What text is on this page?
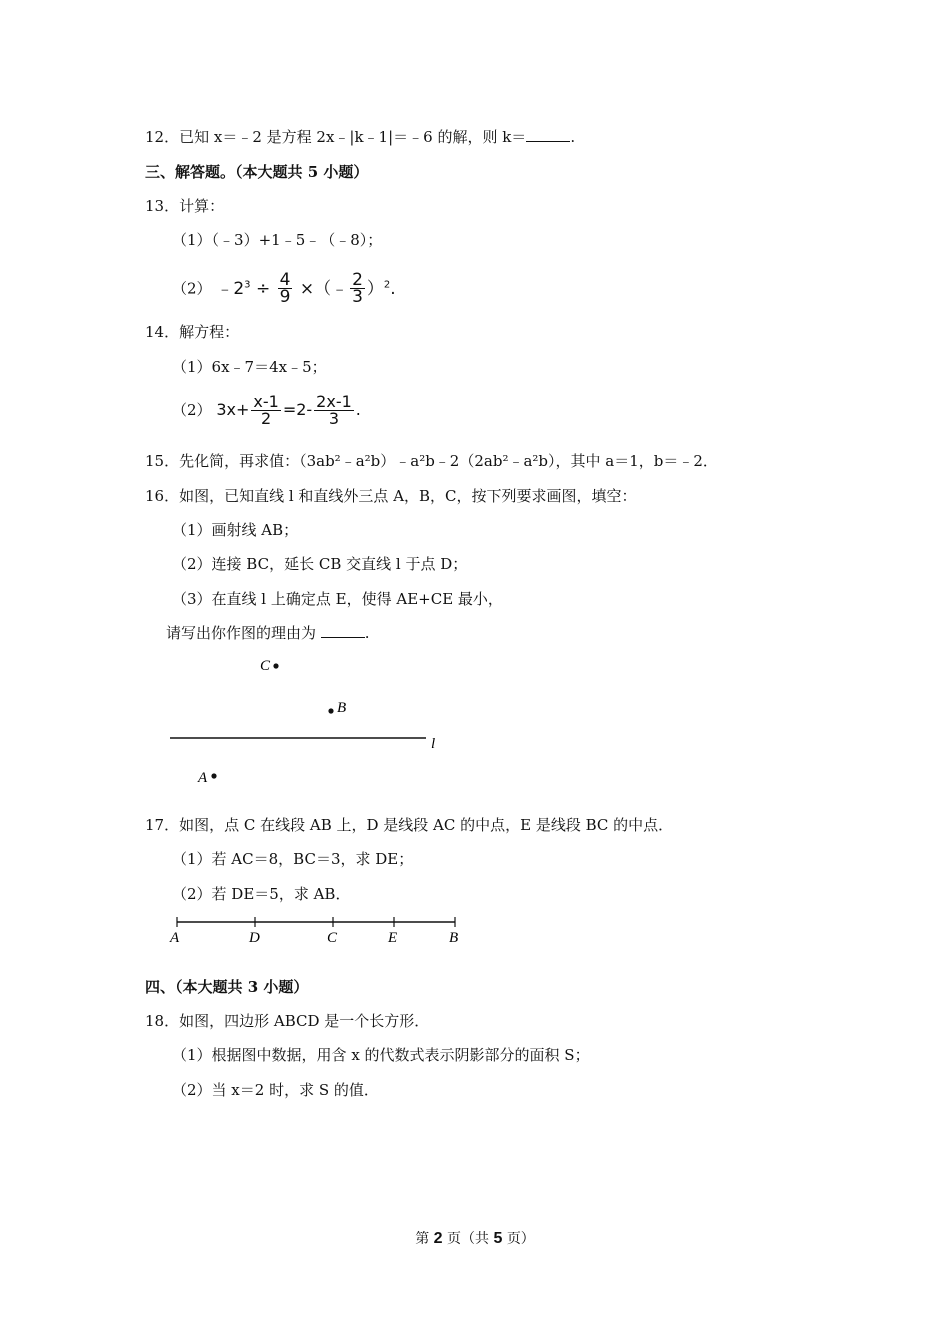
12．已知 x＝﹣2 是方程 2x﹣|k﹣1|＝﹣6 的解，则 k＝	.
三、解答题。（本大题共 5 小题）
13．计算：
（1）（﹣3）+1﹣5﹣（﹣8）；
（2） $﹣2^3 \div \frac{4}{9}$ ×（﹣ $\frac{2}{3} )^2$.
14．解方程：
（1）6x﹣7＝4x﹣5；
（2） $3x+ \frac{x-1}{2} =2- \frac{2x-1}{3}$ .
15．先化简，再求值：（3ab²﹣a²b）﹣a²b﹣2（2ab²﹣a²b），其中 a＝1，b＝﹣2．
16．如图，已知直线 l 和直线外三点 A，B，C，按下列要求画图，填空：
（1）画射线 AB；
（2）连接 BC，延长 CB 交直线 l 于点 D；
（3）在直线 l 上确定点 E，使得 AE+CE 最小，
请写出你作图的理由为	.
C
B
l
A
17．如图，点 C 在线段 AB 上，D 是线段 AC 的中点，E 是线段 BC 的中点．
（1）若 AC＝8，BC＝3，求 DE；
（2）若 DE＝5，求 AB．
A	D	C	E	B
四、（本大题共 3 小题）
18．如图，四边形 ABCD 是一个长方形．
（1）根据图中数据，用含 x 的代数式表示阴影部分的面积 S；
（2）当 x＝2 时，求 S 的值．
第 2 页（共 5 页）
